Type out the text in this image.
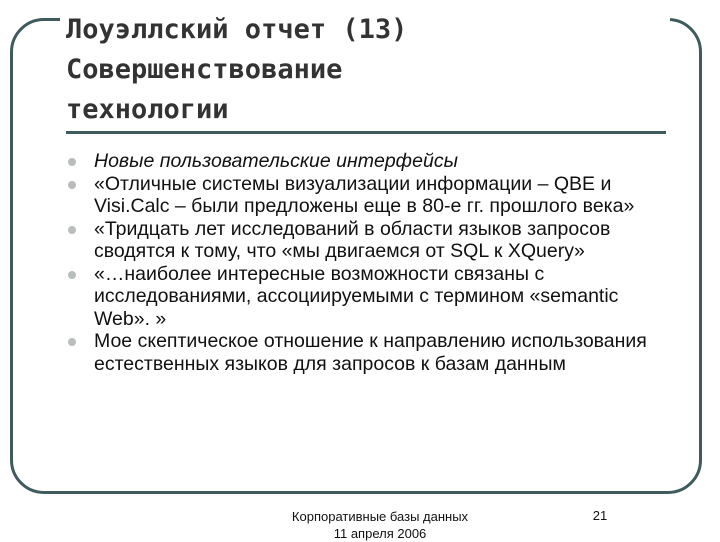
Лоуэллский отчет (13)
Совершенствование
технологии
Новые пользовательские интерфейсы
«Отличные системы визуализации информации – QBE и Visi.Calc – были предложены еще в 80-е гг. прошлого века»
«Тридцать лет исследований в области языков запросов сводятся к тому, что «мы двигаемся от SQL к XQuery»
«…наиболее интересные возможности связаны с исследованиями, ассоциируемыми с термином «semantic Web». »
Мое скептическое отношение к направлению использования естественных языков для запросов к базам данным
Корпоративные базы данных
11 апреля 2006
21
